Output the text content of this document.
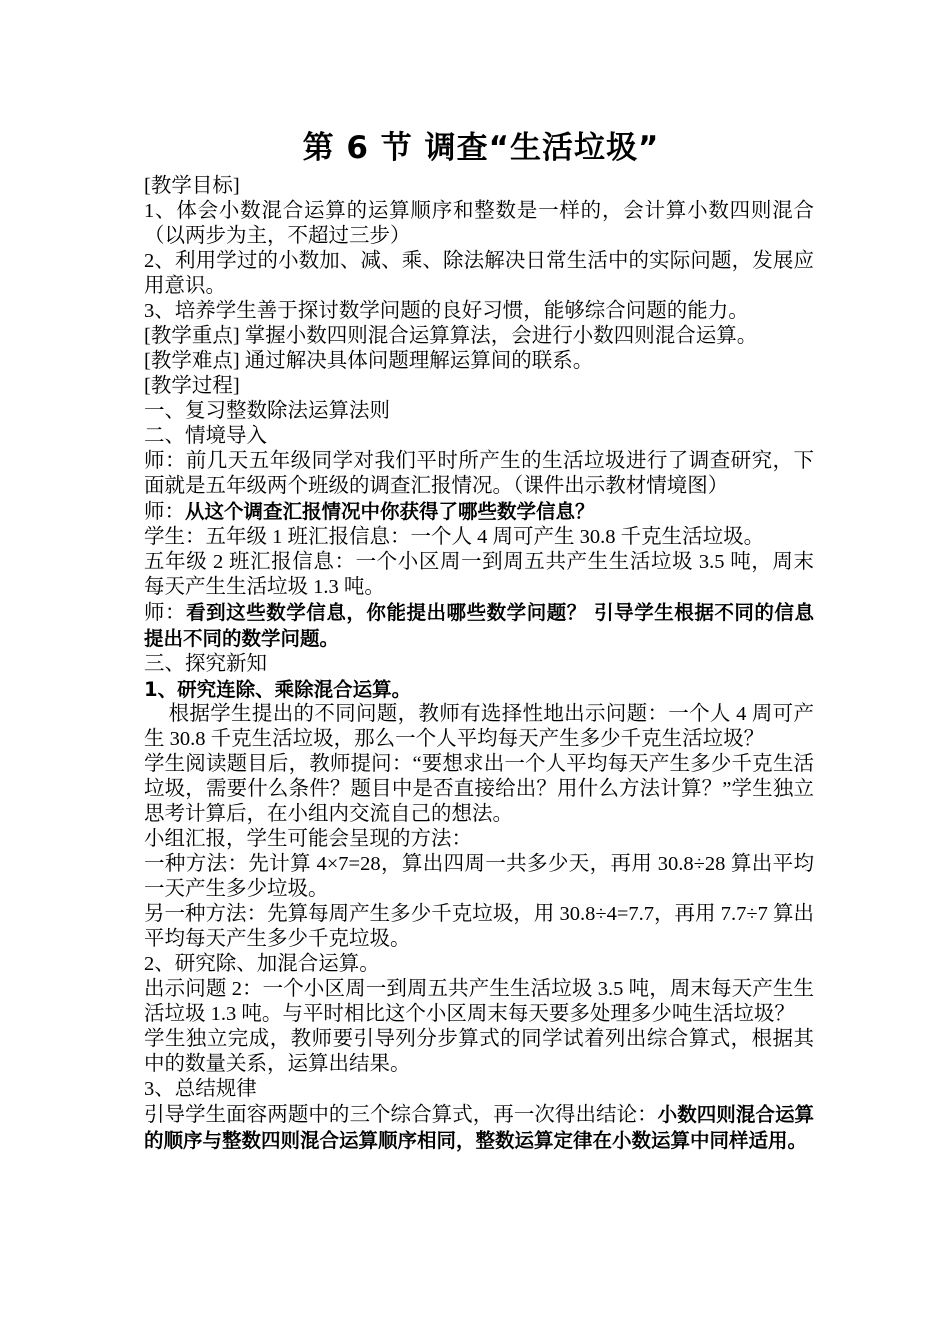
第 6 节 调查“生活垃圾”

[教学目标]

1、体会小数混合运算的运算顺序和整数是一样的，会计算小数四则混合（以两步为主，不超过三步）

2、利用学过的小数加、减、乘、除法解决日常生活中的实际问题，发展应用意识。

3、培养学生善于探讨数学问题的良好习惯，能够综合问题的能力。

[教学重点] 掌握小数四则混合运算算法，会进行小数四则混合运算。

[教学难点] 通过解决具体问题理解运算间的联系。

[教学过程]

一、复习整数除法运算法则

二、情境导入

师：前几天五年级同学对我们平时所产生的生活垃圾进行了调查研究，下面就是五年级两个班级的调查汇报情况。（课件出示教材情境图）

师：从这个调查汇报情况中你获得了哪些数学信息？

学生：五年级 1 班汇报信息：一个人 4 周可产生 30.8 千克生活垃圾。

五年级 2 班汇报信息：一个小区周一到周五共产生生活垃圾 3.5 吨，周末每天产生生活垃圾 1.3 吨。

师：看到这些数学信息，你能提出哪些数学问题？ 引导学生根据不同的信息提出不同的数学问题。

三、探究新知

1、研究连除、乘除混合运算。

根据学生提出的不同问题，教师有选择性地出示问题：一个人 4 周可产生 30.8 千克生活垃圾，那么一个人平均每天产生多少千克生活垃圾？

学生阅读题目后，教师提问：“要想求出一个人平均每天产生多少千克生活垃圾，需要什么条件？题目中是否直接给出？用什么方法计算？”学生独立思考计算后，在小组内交流自己的想法。

小组汇报，学生可能会呈现的方法：

一种方法：先计算 4×7=28，算出四周一共多少天，再用 30.8÷28 算出平均一天产生多少垃圾。

另一种方法：先算每周产生多少千克垃圾，用 30.8÷4=7.7，再用 7.7÷7 算出平均每天产生多少千克垃圾。

2、研究除、加混合运算。

出示问题 2：一个小区周一到周五共产生生活垃圾 3.5 吨，周末每天产生生活垃圾 1.3 吨。与平时相比这个小区周末每天要多处理多少吨生活垃圾？

学生独立完成，教师要引导列分步算式的同学试着列出综合算式，根据其中的数量关系，运算出结果。

3、总结规律

引导学生面容两题中的三个综合算式，再一次得出结论：小数四则混合运算的顺序与整数四则混合运算顺序相同，整数运算定律在小数运算中同样适用。
